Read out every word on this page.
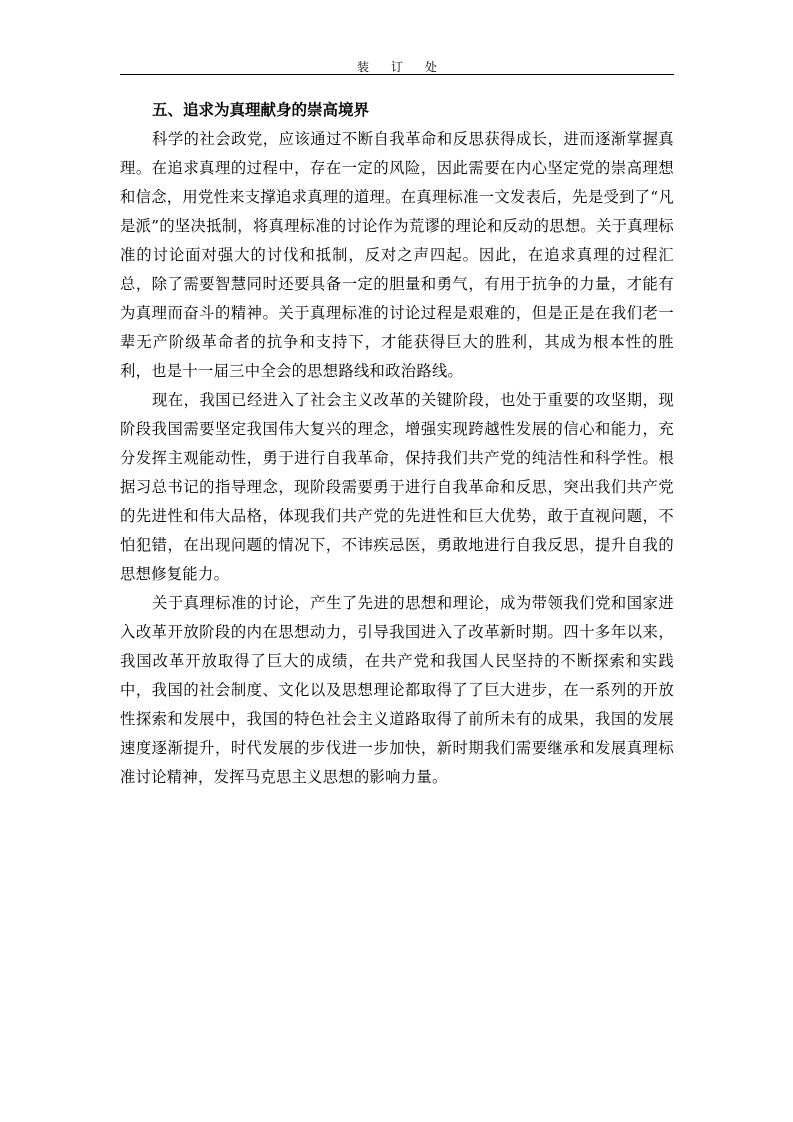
装订处
五、追求为真理献身的崇高境界

科学的社会政党，应该通过不断自我革命和反思获得成长，进而逐渐掌握真理。在追求真理的过程中，存在一定的风险，因此需要在内心坚定党的崇高理想和信念，用党性来支撑追求真理的道理。在真理标准一文发表后，先是受到了“凡是派”的坚决抵制，将真理标准的讨论作为荒谬的理论和反动的思想。关于真理标准的讨论面对强大的讨伐和抵制，反对之声四起。因此，在追求真理的过程汇总，除了需要智慧同时还要具备一定的胆量和勇气，有用于抗争的力量，才能有为真理而奋斗的精神。关于真理标准的讨论过程是艰难的，但是正是在我们老一辈无产阶级革命者的抗争和支持下，才能获得巨大的胜利，其成为根本性的胜利，也是十一届三中全会的思想路线和政治路线。

现在，我国已经进入了社会主义改革的关键阶段，也处于重要的攻坚期，现阶段我国需要坚定我国伟大复兴的理念，增强实现跨越性发展的信心和能力，充分发挥主观能动性，勇于进行自我革命，保持我们共产党的纯洁性和科学性。根据习总书记的指导理念，现阶段需要勇于进行自我革命和反思，突出我们共产党的先进性和伟大品格，体现我们共产党的先进性和巨大优势，敢于直视问题，不怕犯错，在出现问题的情况下，不讳疾忌医，勇敢地进行自我反思，提升自我的思想修复能力。

关于真理标准的讨论，产生了先进的思想和理论，成为带领我们党和国家进入改革开放阶段的内在思想动力，引导我国进入了改革新时期。四十多年以来，我国改革开放取得了巨大的成绩，在共产党和我国人民坚持的不断探索和实践中，我国的社会制度、文化以及思想理论都取得了了巨大进步，在一系列的开放性探索和发展中，我国的特色社会主义道路取得了前所未有的成果，我国的发展速度逐渐提升，时代发展的步伐进一步加快，新时期我们需要继承和发展真理标准讨论精神，发挥马克思主义思想的影响力量。
